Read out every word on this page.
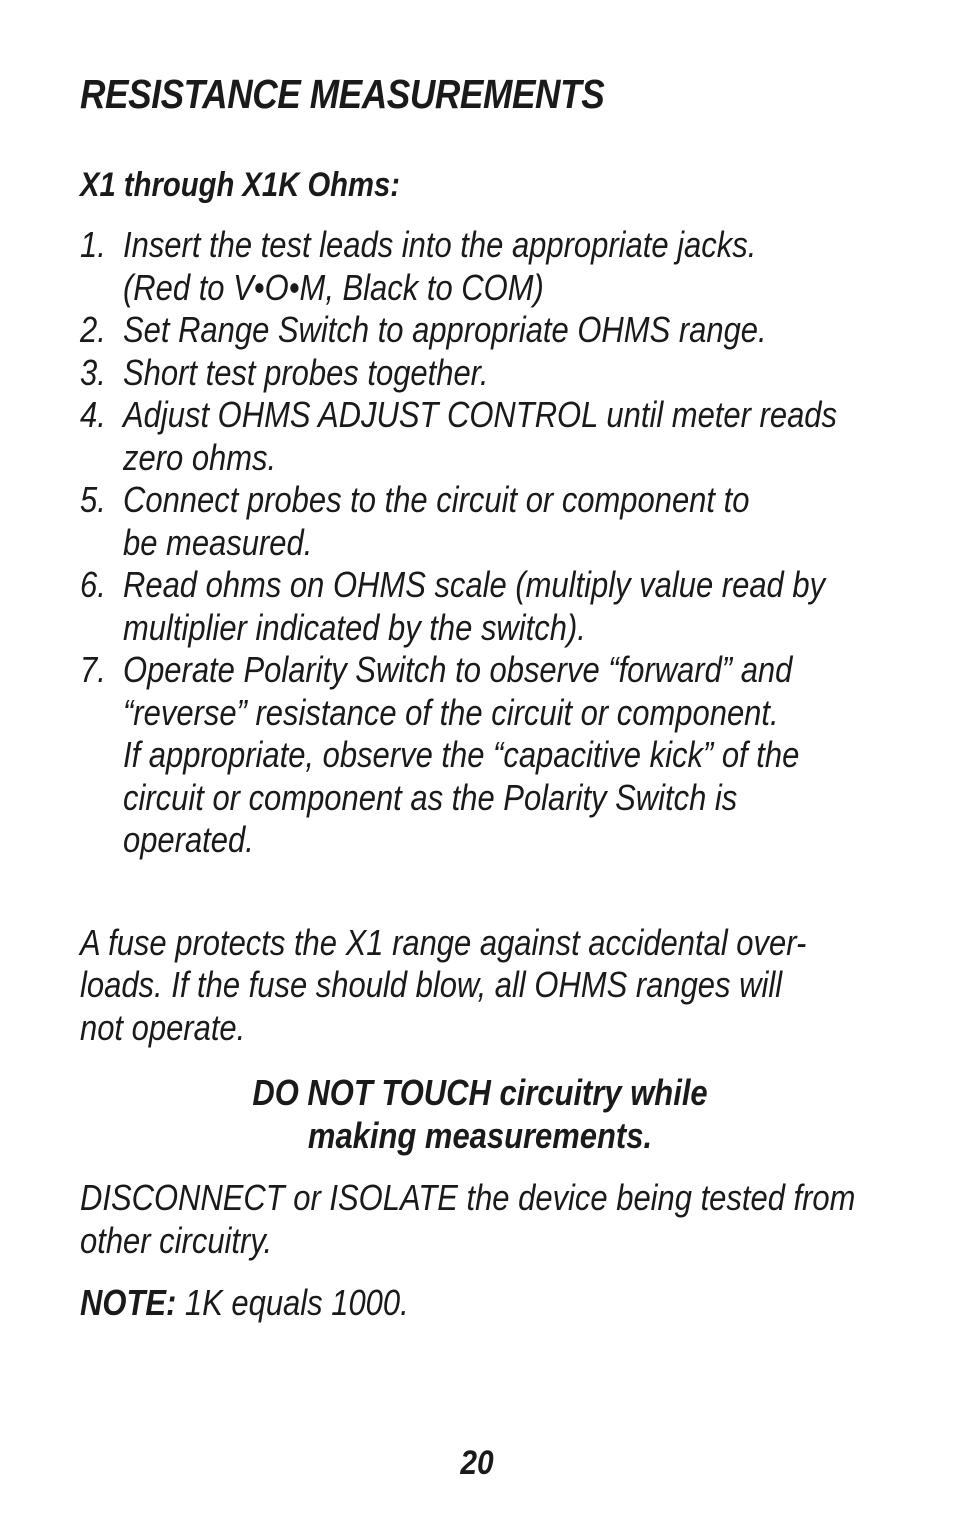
RESISTANCE MEASUREMENTS
X1 through X1K Ohms:
1. Insert the test leads into the appropriate jacks.
(Red to V•O•M, Black to COM)
2. Set Range Switch to appropriate OHMS range.
3. Short test probes together.
4. Adjust OHMS ADJUST CONTROL until meter reads
zero ohms.
5. Connect probes to the circuit or component to
be measured.
6. Read ohms on OHMS scale (multiply value read by
multiplier indicated by the switch).
7. Operate Polarity Switch to observe “forward” and
“reverse” resistance of the circuit or component.
If appropriate, observe the “capacitive kick” of the
circuit or component as the Polarity Switch is
operated.

A fuse protects the X1 range against accidental over-
loads. If the fuse should blow, all OHMS ranges will
not operate.

DO NOT TOUCH circuitry while
making measurements.

DISCONNECT or ISOLATE the device being tested from
other circuitry.

NOTE: 1K equals 1000.

20
